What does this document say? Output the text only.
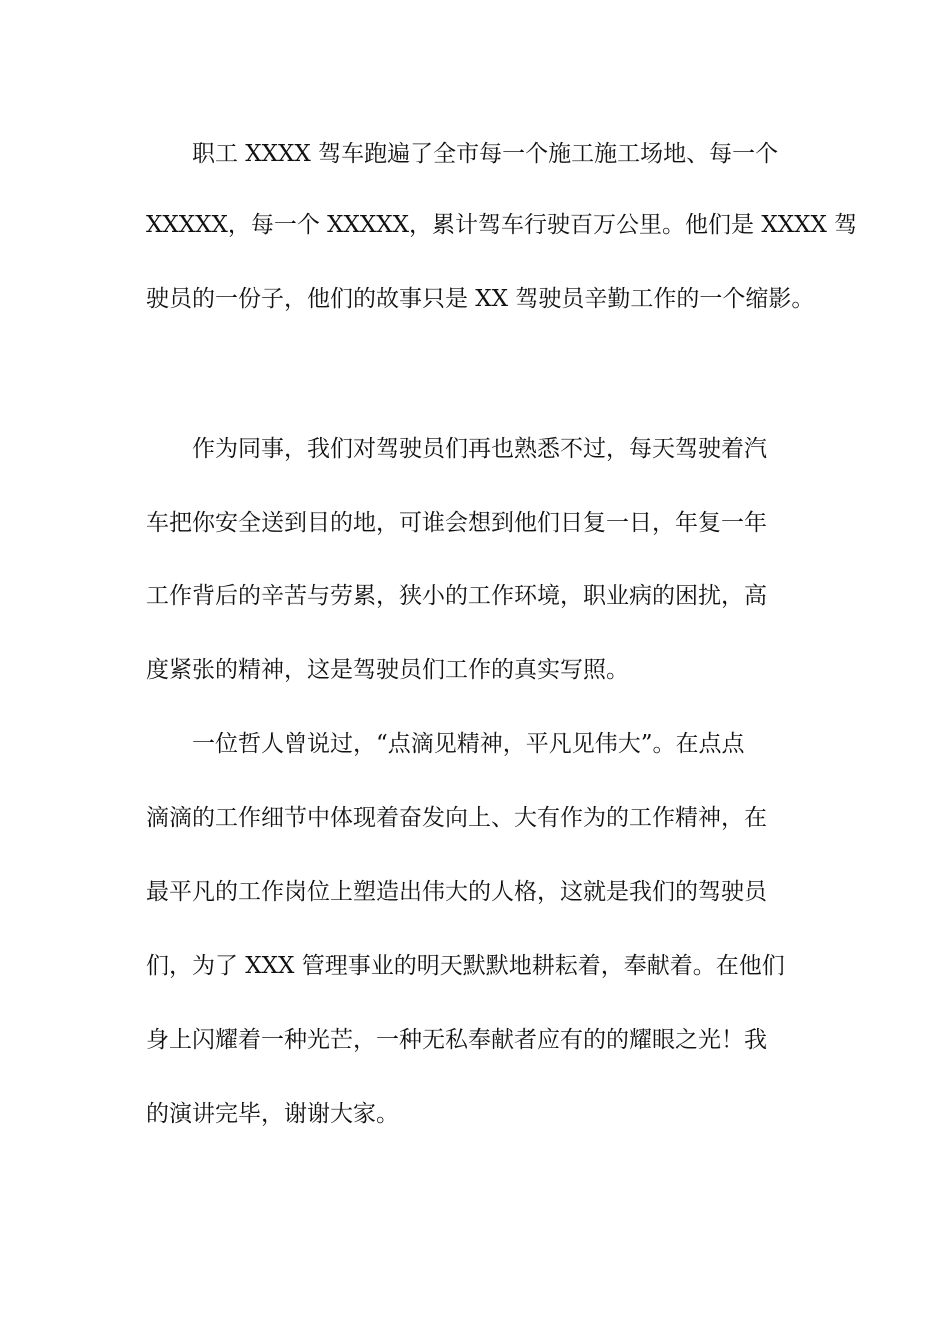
职工 XXXX 驾车跑遍了全市每一个施工施工场地、每一个
XXXXX，每一个 XXXXX，累计驾车行驶百万公里。他们是 XXXX 驾
驶员的一份子，他们的故事只是 XX 驾驶员辛勤工作的一个缩影。
作为同事，我们对驾驶员们再也熟悉不过，每天驾驶着汽
车把你安全送到目的地，可谁会想到他们日复一日，年复一年
工作背后的辛苦与劳累，狭小的工作环境，职业病的困扰，高
度紧张的精神，这是驾驶员们工作的真实写照。
一位哲人曾说过，“点滴见精神，平凡见伟大”。在点点
滴滴的工作细节中体现着奋发向上、大有作为的工作精神，在
最平凡的工作岗位上塑造出伟大的人格，这就是我们的驾驶员
们，为了 XXX 管理事业的明天默默地耕耘着，奉献着。在他们
身上闪耀着一种光芒，一种无私奉献者应有的的耀眼之光！我
的演讲完毕，谢谢大家。
